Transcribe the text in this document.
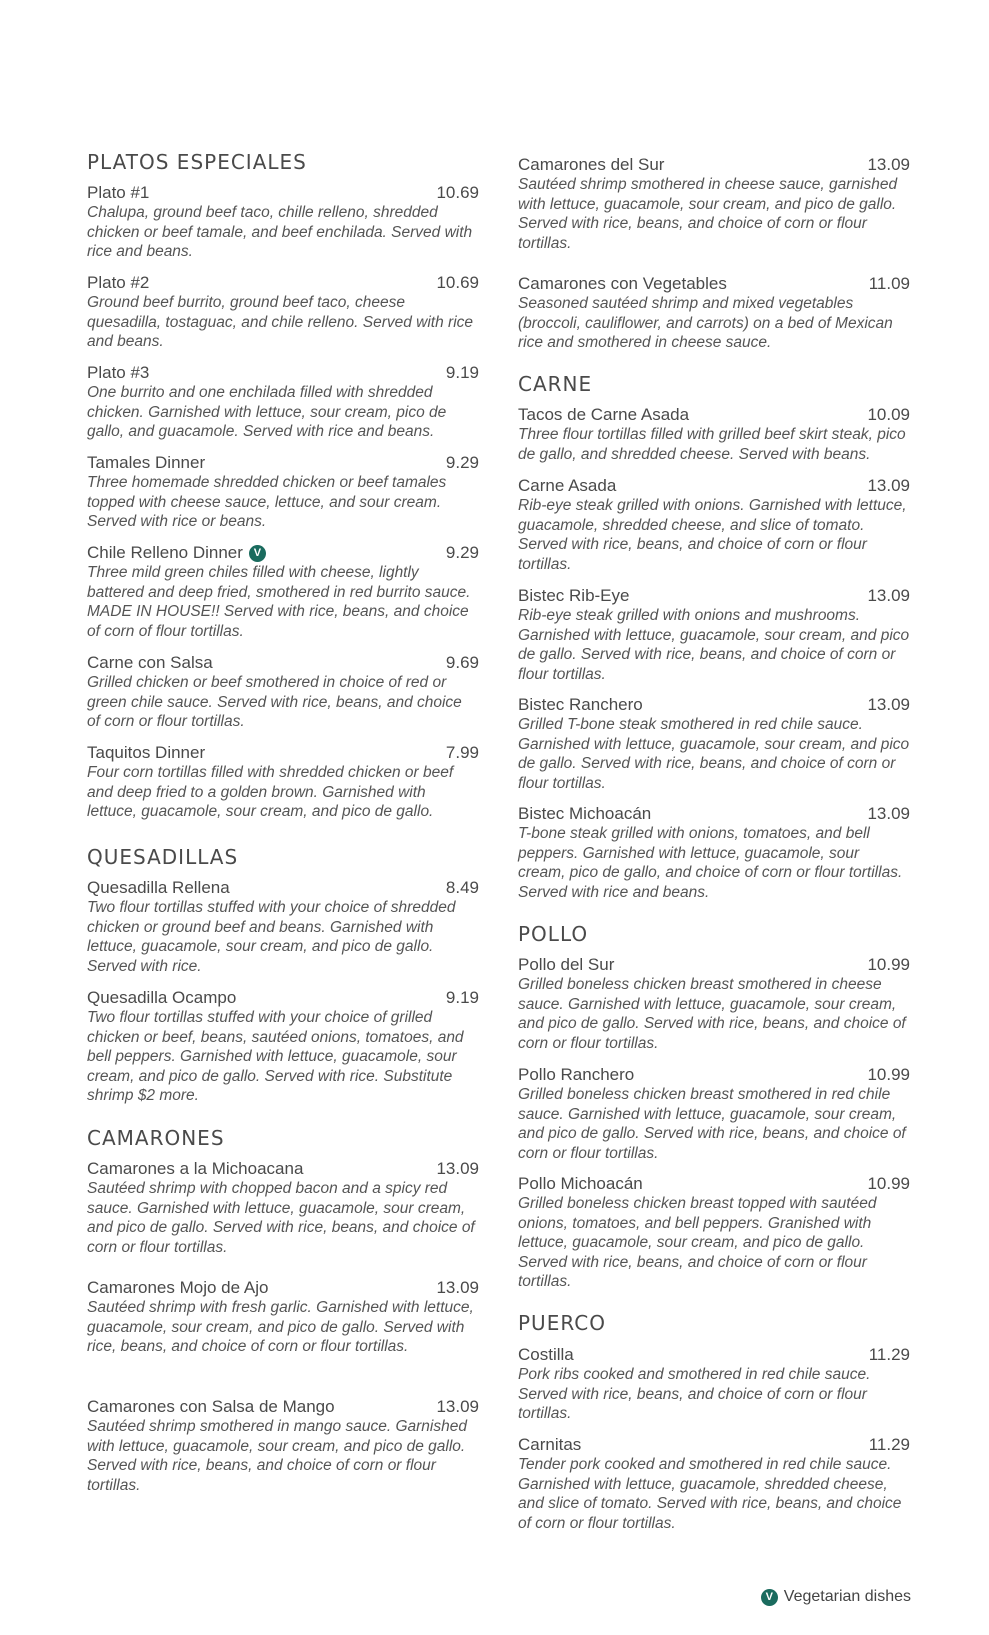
PLATOS ESPECIALES
Plato #1	10.69
Chalupa, ground beef taco, chille relleno, shredded chicken or beef tamale, and beef enchilada. Served with rice and beans.
Plato #2	10.69
Ground beef burrito, ground beef taco, cheese quesadilla, tostaguac, and chile relleno. Served with rice and beans.
Plato #3	9.19
One burrito and one enchilada filled with shredded chicken. Garnished with lettuce, sour cream, pico de gallo, and guacamole. Served with rice and beans.
Tamales Dinner	9.29
Three homemade shredded chicken or beef tamales topped with cheese sauce, lettuce, and sour cream. Served with rice or beans.
Chile Relleno Dinner V	9.29
Three mild green chiles filled with cheese, lightly battered and deep fried, smothered in red burrito sauce. MADE IN HOUSE!! Served with rice, beans, and choice of corn of flour tortillas.
Carne con Salsa	9.69
Grilled chicken or beef smothered in choice of red or green chile sauce. Served with rice, beans, and choice of corn or flour tortillas.
Taquitos Dinner	7.99
Four corn tortillas filled with shredded chicken or beef and deep fried to a golden brown. Garnished with lettuce, guacamole, sour cream, and pico de gallo.
QUESADILLAS
Quesadilla Rellena	8.49
Two flour tortillas stuffed with your choice of shredded chicken or ground beef and beans. Garnished with lettuce, guacamole, sour cream, and pico de gallo. Served with rice.
Quesadilla Ocampo	9.19
Two flour tortillas stuffed with your choice of grilled chicken or beef, beans, sautéed onions, tomatoes, and bell peppers. Garnished with lettuce, guacamole, sour cream, and pico de gallo. Served with rice. Substitute shrimp $2 more.
CAMARONES
Camarones a la Michoacana	13.09
Sautéed shrimp with chopped bacon and a spicy red sauce. Garnished with lettuce, guacamole, sour cream, and pico de gallo. Served with rice, beans, and choice of corn or flour tortillas.
Camarones Mojo de Ajo	13.09
Sautéed shrimp with fresh garlic. Garnished with lettuce, guacamole, sour cream, and pico de gallo. Served with rice, beans, and choice of corn or flour tortillas.
Camarones con Salsa de Mango	13.09
Sautéed shrimp smothered in mango sauce. Garnished with lettuce, guacamole, sour cream, and pico de gallo. Served with rice, beans, and choice of corn or flour tortillas.
Camarones del Sur	13.09
Sautéed shrimp smothered in cheese sauce, garnished with lettuce, guacamole, sour cream, and pico de gallo. Served with rice, beans, and choice of corn or flour tortillas.
Camarones con Vegetables	11.09
Seasoned sautéed shrimp and mixed vegetables (broccoli, cauliflower, and carrots) on a bed of Mexican rice and smothered in cheese sauce.
CARNE
Tacos de Carne Asada	10.09
Three flour tortillas filled with grilled beef skirt steak, pico de gallo, and shredded cheese. Served with beans.
Carne Asada	13.09
Rib-eye steak grilled with onions. Garnished with lettuce, guacamole, shredded cheese, and slice of tomato. Served with rice, beans, and choice of corn or flour tortillas.
Bistec Rib-Eye	13.09
Rib-eye steak grilled with onions and mushrooms. Garnished with lettuce, guacamole, sour cream, and pico de gallo. Served with rice, beans, and choice of corn or flour tortillas.
Bistec Ranchero	13.09
Grilled T-bone steak smothered in red chile sauce. Garnished with lettuce, guacamole, sour cream, and pico de gallo. Served with rice, beans, and choice of corn or flour tortillas.
Bistec Michoacán	13.09
T-bone steak grilled with onions, tomatoes, and bell peppers. Garnished with lettuce, guacamole, sour cream, pico de gallo, and choice of corn or flour tortillas. Served with rice and beans.
POLLO
Pollo del Sur	10.99
Grilled boneless chicken breast smothered in cheese sauce. Garnished with lettuce, guacamole, sour cream, and pico de gallo. Served with rice, beans, and choice of corn or flour tortillas.
Pollo Ranchero	10.99
Grilled boneless chicken breast smothered in red chile sauce. Garnished with lettuce, guacamole, sour cream, and pico de gallo. Served with rice, beans, and choice of corn or flour tortillas.
Pollo Michoacán	10.99
Grilled boneless chicken breast topped with sautéed onions, tomatoes, and bell peppers. Granished with lettuce, guacamole, sour cream, and pico de gallo. Served with rice, beans, and choice of corn or flour tortillas.
PUERCO
Costilla	11.29
Pork ribs cooked and smothered in red chile sauce. Served with rice, beans, and choice of corn or flour tortillas.
Carnitas	11.29
Tender pork cooked and smothered in red chile sauce. Garnished with lettuce, guacamole, shredded cheese, and slice of tomato. Served with rice, beans, and choice of corn or flour tortillas.
V Vegetarian dishes
